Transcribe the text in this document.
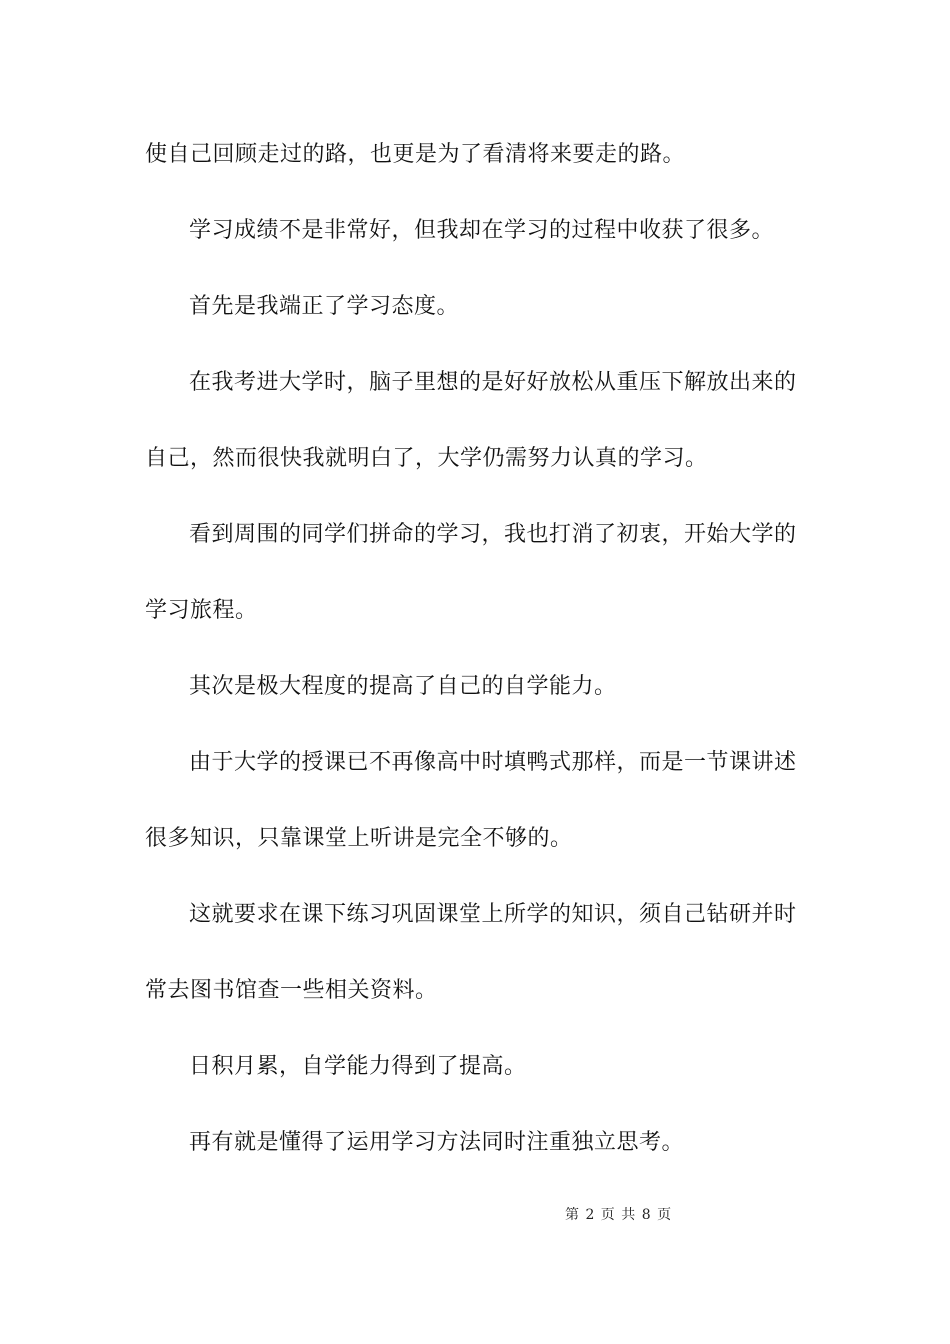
使自己回顾走过的路，也更是为了看清将来要走的路。
学习成绩不是非常好，但我却在学习的过程中收获了很多。
首先是我端正了学习态度。
在我考进大学时，脑子里想的是好好放松从重压下解放出来的
自己，然而很快我就明白了，大学仍需努力认真的学习。
看到周围的同学们拼命的学习，我也打消了初衷，开始大学的
学习旅程。
其次是极大程度的提高了自己的自学能力。
由于大学的授课已不再像高中时填鸭式那样，而是一节课讲述
很多知识，只靠课堂上听讲是完全不够的。
这就要求在课下练习巩固课堂上所学的知识，须自己钻研并时
常去图书馆查一些相关资料。
日积月累，自学能力得到了提高。
再有就是懂得了运用学习方法同时注重独立思考。
第 2 页 共 8 页
